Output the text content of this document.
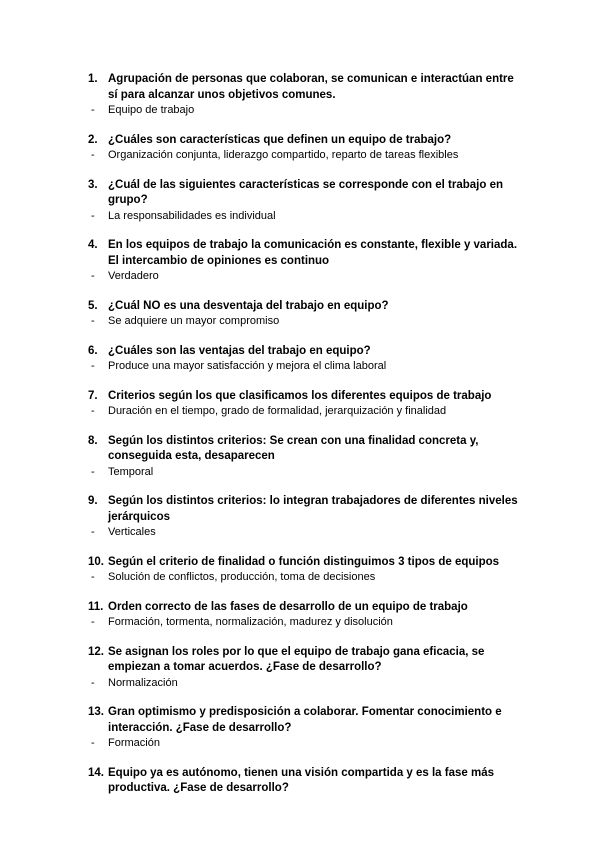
1. Agrupación de personas que colaboran, se comunican e interactúan entre sí para alcanzar unos objetivos comunes.
- Equipo de trabajo
2. ¿Cuáles son características que definen un equipo de trabajo?
- Organización conjunta, liderazgo compartido, reparto de tareas flexibles
3. ¿Cuál de las siguientes características se corresponde con el trabajo en grupo?
- La responsabilidades es individual
4. En los equipos de trabajo la comunicación es constante, flexible y variada. El intercambio de opiniones es continuo
- Verdadero
5. ¿Cuál NO es una desventaja del trabajo en equipo?
- Se adquiere un mayor compromiso
6. ¿Cuáles son las ventajas del trabajo en equipo?
- Produce una mayor satisfacción y mejora el clima laboral
7. Criterios según los que clasificamos los diferentes equipos de trabajo
- Duración en el tiempo, grado de formalidad, jerarquización y finalidad
8. Según los distintos criterios: Se crean con una finalidad concreta y, conseguida esta, desaparecen
- Temporal
9. Según los distintos criterios: lo integran trabajadores de diferentes niveles jerárquicos
- Verticales
10. Según el criterio de finalidad o función distinguimos 3 tipos de equipos
- Solución de conflictos, producción, toma de decisiones
11. Orden correcto de las fases de desarrollo de un equipo de trabajo
- Formación, tormenta, normalización, madurez y disolución
12. Se asignan los roles por lo que el equipo de trabajo gana eficacia, se empiezan a tomar acuerdos. ¿Fase de desarrollo?
- Normalización
13. Gran optimismo y predisposición a colaborar. Fomentar conocimiento e interacción. ¿Fase de desarrollo?
- Formación
14. Equipo ya es autónomo, tienen una visión compartida y es la fase más productiva. ¿Fase de desarrollo?
